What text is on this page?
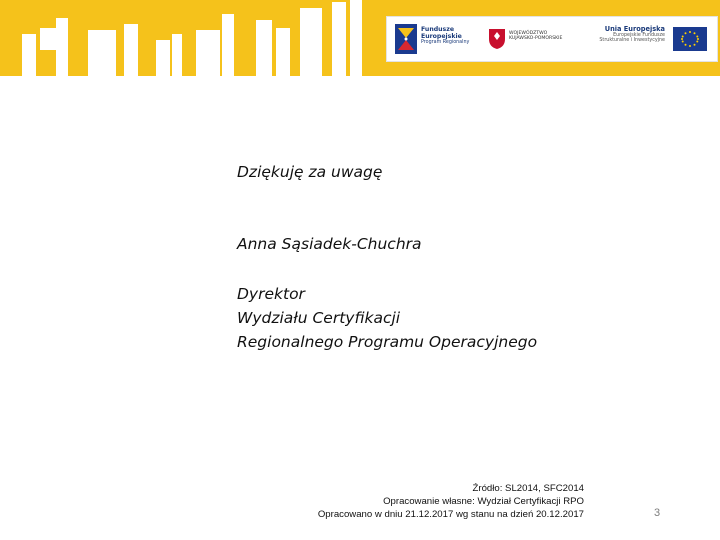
Fundusze
Europejskie
Program Regionalny
WOJEWÓDZTWO
KUJAWSKO-POMORSKIE
Unia Europejska
Europejskie Fundusze
Strukturalne i Inwestycyjne
Dziękuję za uwagę
Anna Sąsiadek-Chuchra
Dyrektor
Wydziału Certyfikacji
Regionalnego Programu Operacyjnego
Źródło: SL2014, SFC2014
Opracowanie własne: Wydział Certyfikacji RPO
Opracowano w dniu 21.12.2017 wg stanu na dzień 20.12.2017	3
